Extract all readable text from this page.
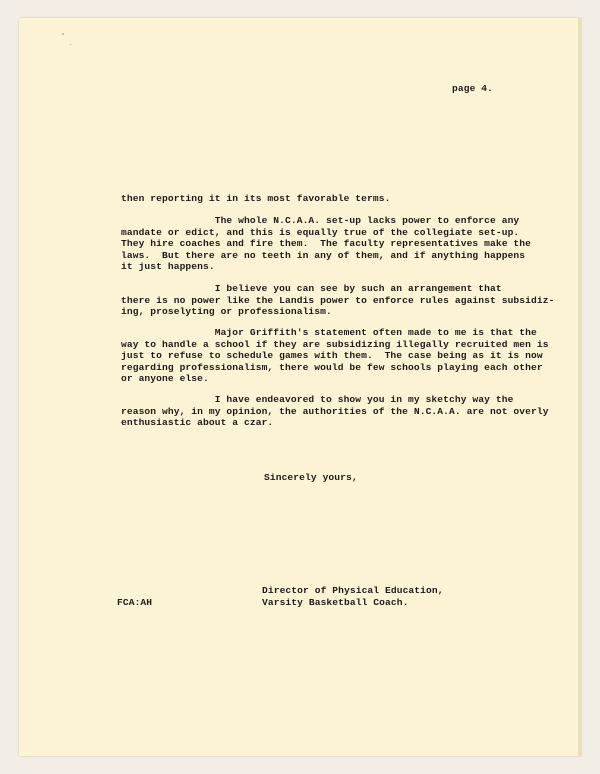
page 4.
then reporting it in its most favorable terms.
The whole N.C.A.A. set-up lacks power to enforce any
mandate or edict, and this is equally true of the collegiate set-up.
They hire coaches and fire them.  The faculty representatives make the
laws.  But there are no teeth in any of them, and if anything happens
it just happens.
I believe you can see by such an arrangement that
there is no power like the Landis power to enforce rules against subsidiz-
ing, proselyting or professionalism.
Major Griffith's statement often made to me is that the
way to handle a school if they are subsidizing illegally recruited men is
just to refuse to schedule games with them.  The case being as it is now
regarding professionalism, there would be few schools playing each other
or anyone else.
I have endeavored to show you in my sketchy way the
reason why, in my opinion, the authorities of the N.C.A.A. are not overly
enthusiastic about a czar.
Sincerely yours,
Director of Physical Education,
Varsity Basketball Coach.
FCA:AH
